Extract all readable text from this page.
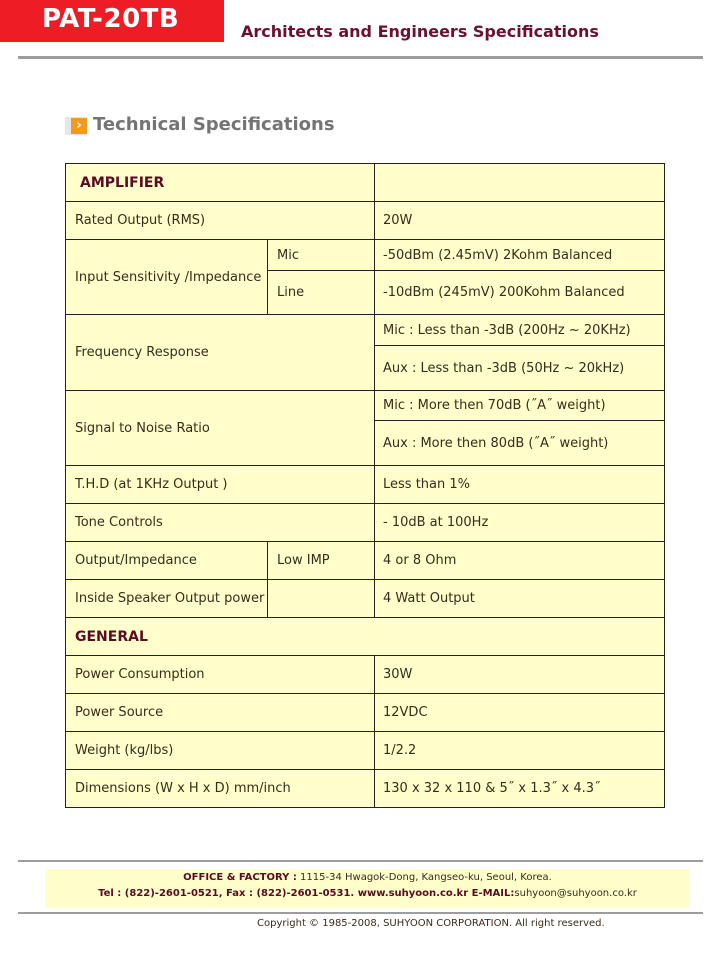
PAT-20TB	Architects and Engineers Specifications
› Technical Specifications
AMPLIFIER		
Rated Output (RMS)		20W
Input Sensitivity /Impedance	Mic	-50dBm (2.45mV) 2Kohm Balanced
	Line	-10dBm (245mV) 200Kohm Balanced
Frequency Response		Mic : Less than -3dB (200Hz ~ 20KHz)
		Aux : Less than -3dB (50Hz ~ 20kHz)
Signal to Noise Ratio		Mic : More then 70dB (˝A˝ weight)
		Aux : More then 80dB (˝A˝ weight)
T.H.D (at 1KHz Output )		Less than 1%
Tone Controls		- 10dB at 100Hz
Output/Impedance	Low IMP	4 or 8 Ohm
Inside Speaker Output power		4 Watt Output
GENERAL		
Power Consumption		30W
Power Source		12VDC
Weight (kg/lbs)		1/2.2
Dimensions (W x H x D) mm/inch		130 x 32 x 110 & 5˝ x 1.3˝ x 4.3˝
OFFICE & FACTORY : 1115-34 Hwagok-Dong, Kangseo-ku, Seoul, Korea.
Tel : (822)-2601-0521, Fax : (822)-2601-0531. www.suhyoon.co.kr E-MAIL:suhyoon@suhyoon.co.kr
Copyright © 1985-2008, SUHYOON CORPORATION. All right reserved.
